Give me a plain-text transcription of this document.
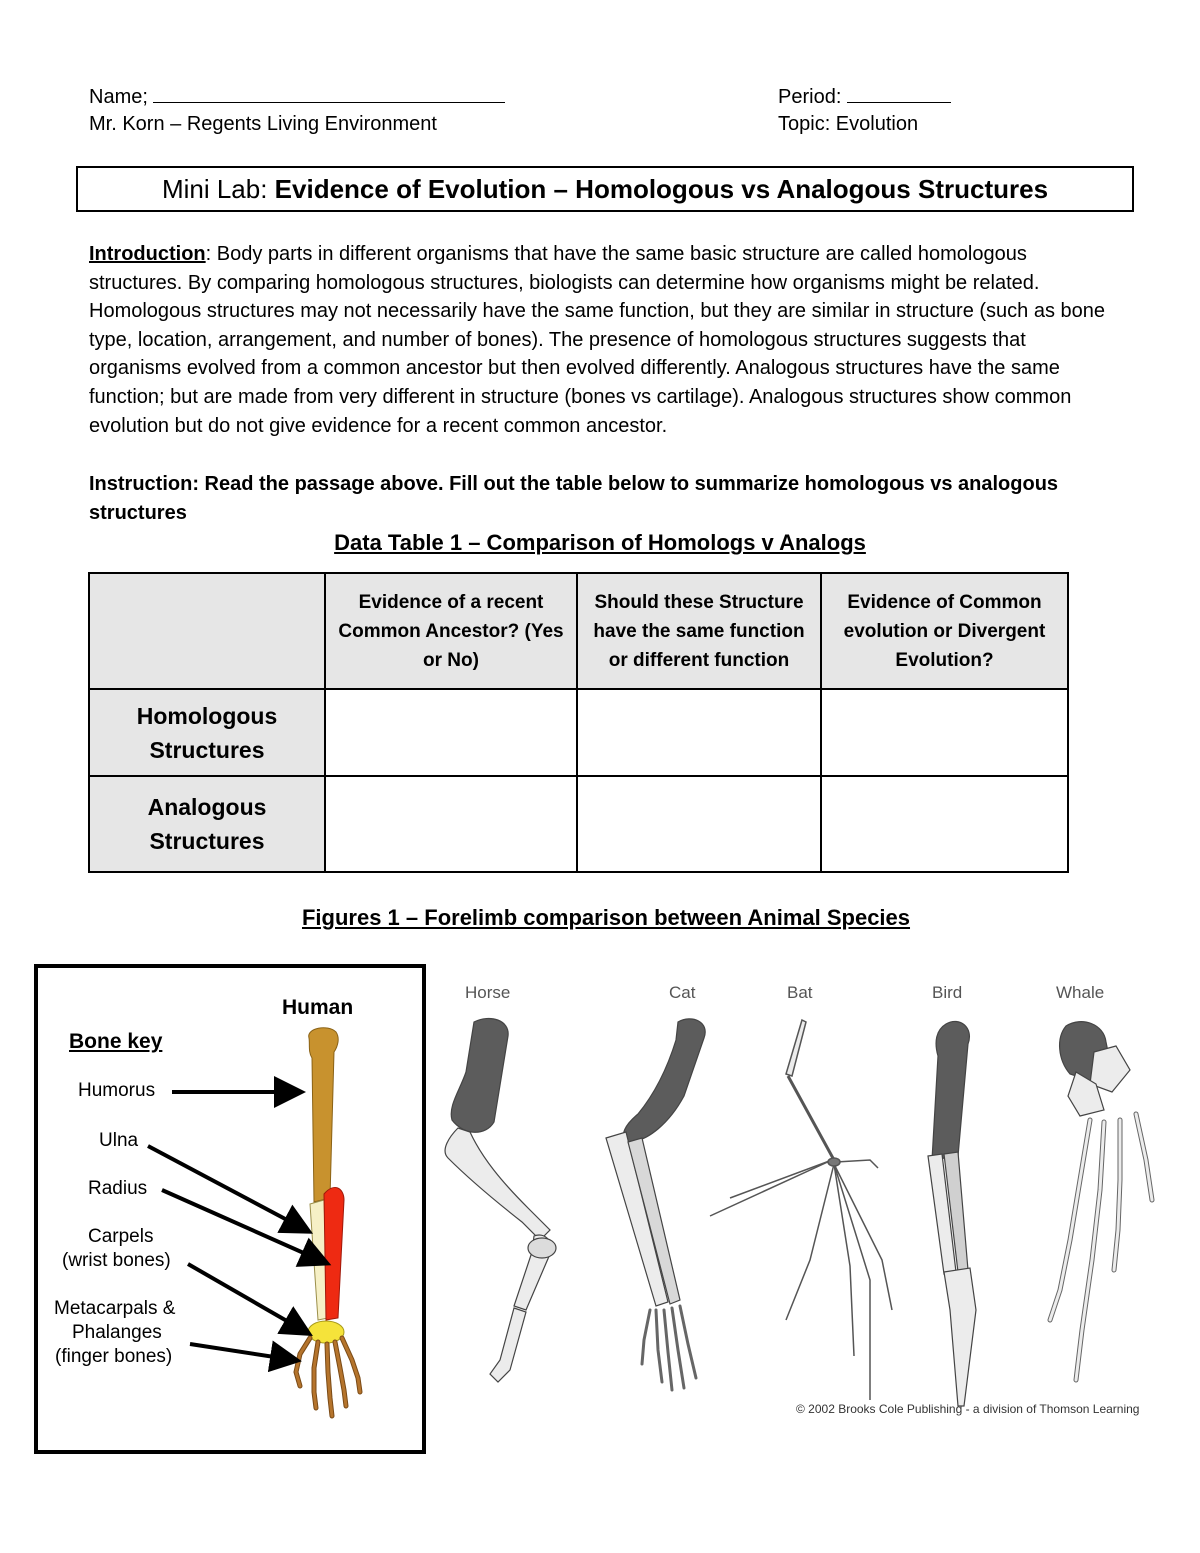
Name;	Period:
Mr. Korn – Regents Living Environment	Topic: Evolution
Mini Lab: Evidence of Evolution – Homologous vs Analogous Structures
Introduction: Body parts in different organisms that have the same basic structure are called homologous structures. By comparing homologous structures, biologists can determine how organisms might be related. Homologous structures may not necessarily have the same function, but they are similar in structure (such as bone type, location, arrangement, and number of bones). The presence of homologous structures suggests that organisms evolved from a common ancestor but then evolved differently. Analogous structures have the same function; but are made from very different in structure (bones vs cartilage). Analogous structures show common evolution but do not give evidence for a recent common ancestor.
Instruction: Read the passage above. Fill out the table below to summarize homologous vs analogous structures
Data Table 1 – Comparison of Homologs v Analogs
	Evidence of a recent Common Ancestor? (Yes or No)	Should these Structure have the same function or different function	Evidence of Common evolution or Divergent Evolution?
Homologous Structures			
Analogous Structures			
Figures 1 – Forelimb comparison between Animal Species
Human
Bone key
Humorus
Ulna
Radius
Carpels
(wrist bones)
Metacarpals &
Phalanges
(finger bones)
Horse	Cat	Bat	Bird	Whale
© 2002 Brooks Cole Publishing - a division of Thomson Learning
